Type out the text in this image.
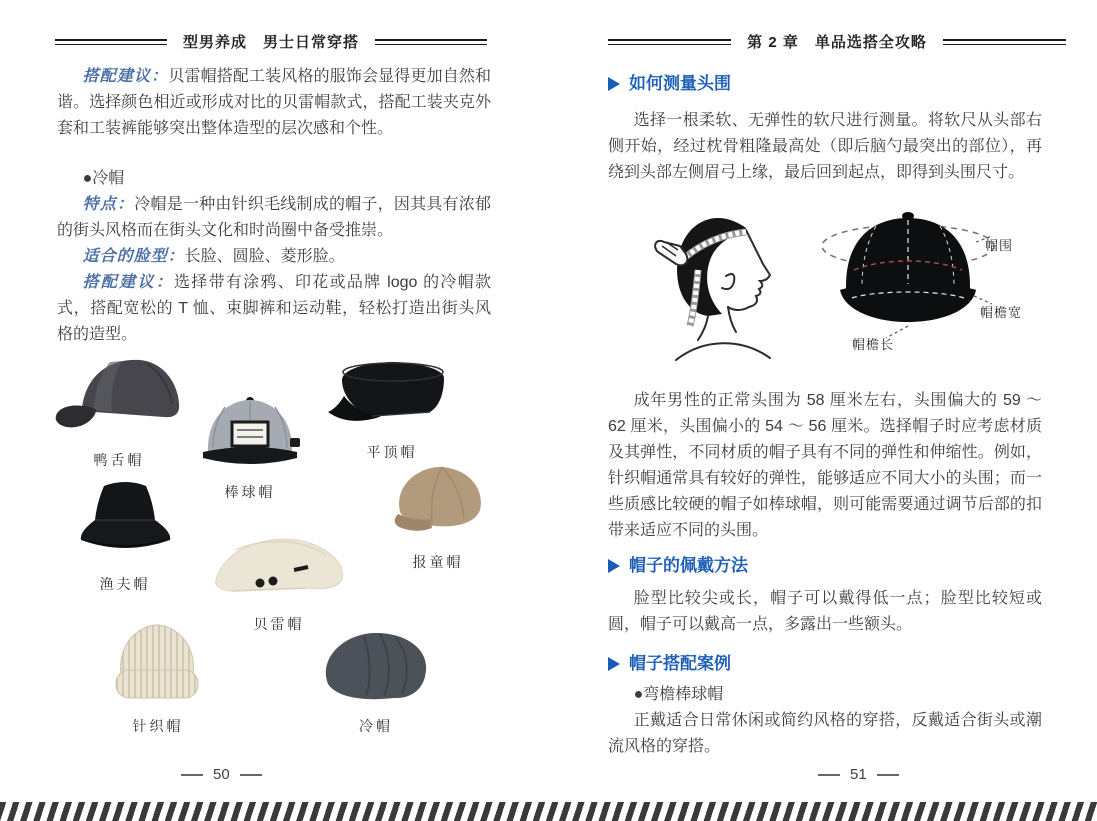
型男养成　男士日常穿搭

搭配建议：贝雷帽搭配工装风格的服饰会显得更加自然和谐。选择颜色相近或形成对比的贝雷帽款式，搭配工装夹克外套和工装裤能够突出整体造型的层次感和个性。

●冷帽

特点：冷帽是一种由针织毛线制成的帽子，因其具有浓郁的街头风格而在街头文化和时尚圈中备受推崇。

适合的脸型：长脸、圆脸、菱形脸。

搭配建议：选择带有涂鸦、印花或品牌 logo 的冷帽款式，搭配宽松的 T 恤、束脚裤和运动鞋，轻松打造出街头风格的造型。

鸭舌帽
棒球帽
平顶帽
渔夫帽
报童帽
贝雷帽
针织帽	冷帽
第 2 章　单品选搭全攻略
如何测量头围

选择一根柔软、无弹性的软尺进行测量。将软尺从头部右侧开始，经过枕骨粗隆最高处（即后脑勺最突出的部位），再绕到头部左侧眉弓上缘，最后回到起点，即得到头围尺寸。

帽围
帽檐宽
帽檐长

成年男性的正常头围为 58 厘米左右，头围偏大的 59 ～ 62 厘米，头围偏小的 54 ～ 56 厘米。选择帽子时应考虑材质及其弹性，不同材质的帽子具有不同的弹性和伸缩性。例如，针织帽通常具有较好的弹性，能够适应不同大小的头围；而一些质感比较硬的帽子如棒球帽，则可能需要通过调节后部的扣带来适应不同的头围。

帽子的佩戴方法

脸型比较尖或长，帽子可以戴得低一点；脸型比较短或圆，帽子可以戴高一点，多露出一些额头。

帽子搭配案例

●弯檐棒球帽

正戴适合日常休闲或简约风格的穿搭，反戴适合街头或潮流风格的穿搭。

50	51
